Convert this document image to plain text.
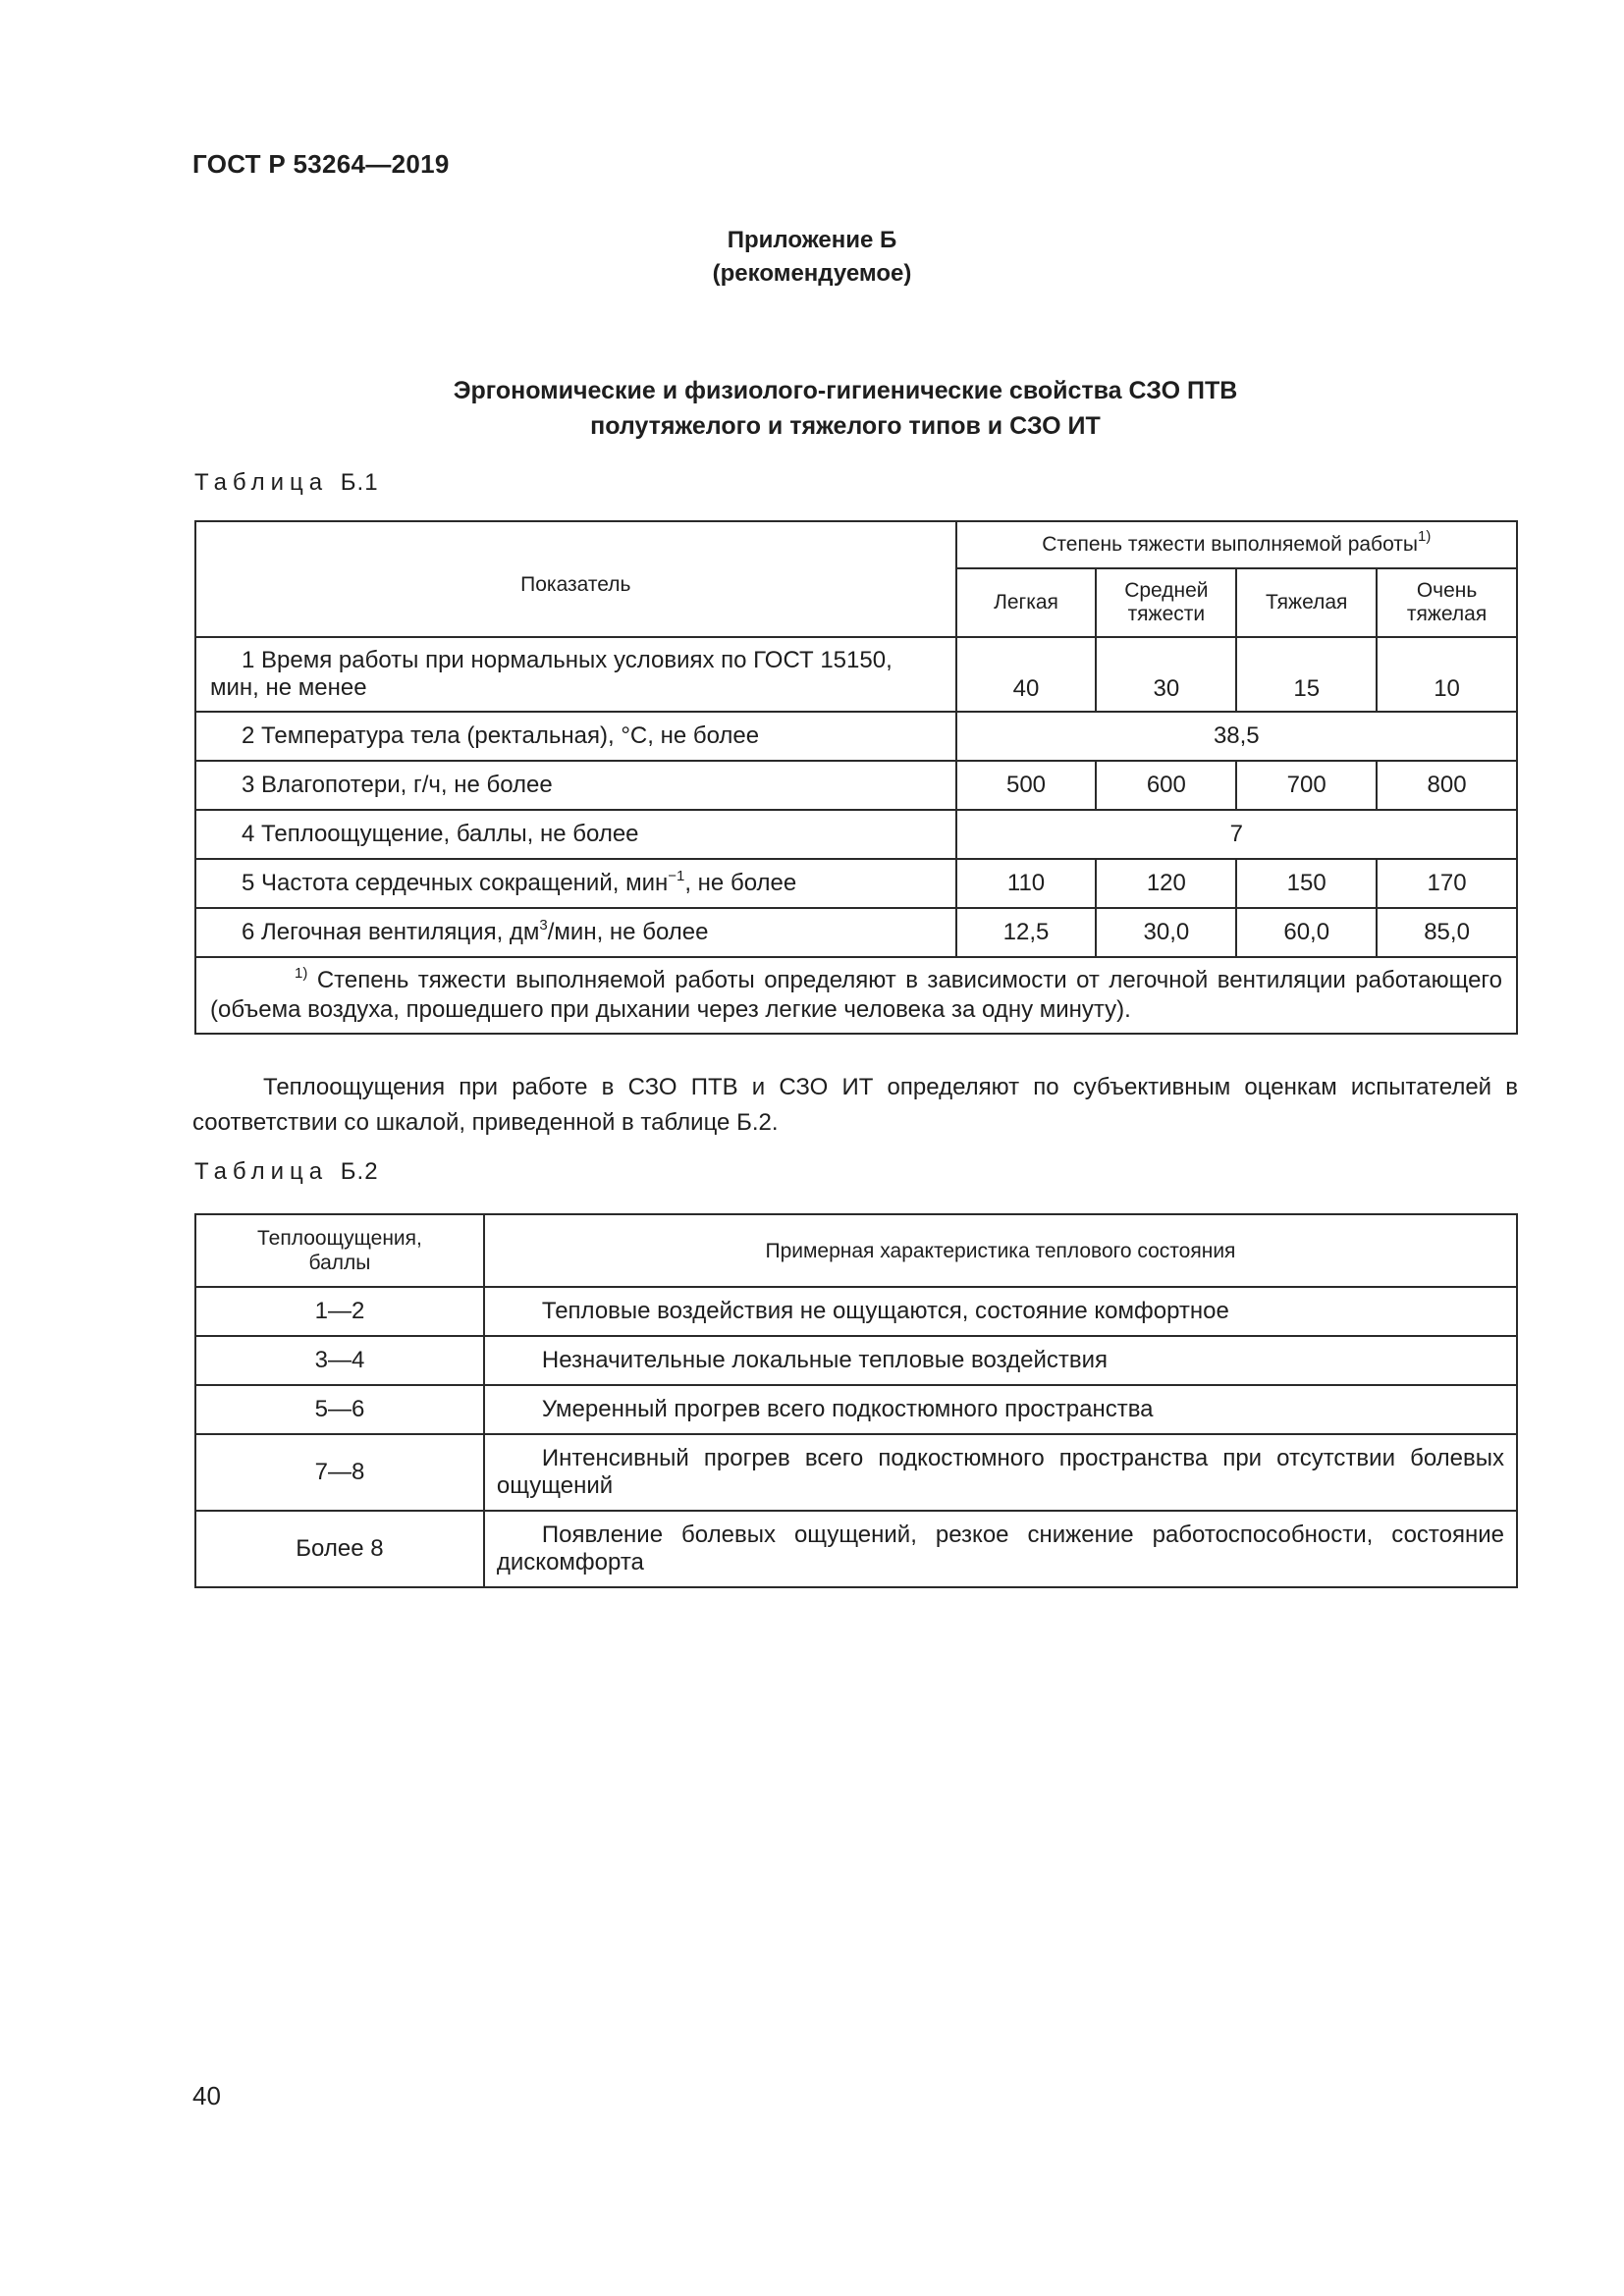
ГОСТ Р 53264—2019
Приложение Б
(рекомендуемое)
Эргономические и физиолого-гигиенические свойства СЗО ПТВ
полутяжелого и тяжелого типов и СЗО ИТ
Таблица Б.1
Показатель	Степень тяжести выполняемой работы$^{1)}$
	Легкая	Средней тяжести	Тяжелая	Очень тяжелая
1 Время работы при нормальных условиях по ГОСТ 15150, мин, не менее	40	30	15	10
2 Температура тела (ректальная), °С, не более	38,5			
3 Влагопотери, г/ч, не более	500	600	700	800
4 Теплоощущение, баллы, не более	7			
5 Частота сердечных сокращений, мин$^{-1}$, не более	110	120	150	170
6 Легочная вентиляция, $дм^3$/мин, не более	12,5	30,0	60,0	85,0
$^{1)}$ Степень тяжести выполняемой работы определяют в зависимости от легочной вентиляции работающего (объема воздуха, прошедшего при дыхании через легкие человека за одну минуту).				
Теплоощущения при работе в СЗО ПТВ и СЗО ИТ определяют по субъективным оценкам испытателей в соответствии со шкалой, приведенной в таблице Б.2.
Таблица Б.2
Теплоощущения, баллы	Примерная характеристика теплового состояния
1—2	Тепловые воздействия не ощущаются, состояние комфортное

3—4	Незначительные локальные тепловые воздействия

5—6	Умеренный прогрев всего подкостюмного пространства

7—8	Интенсивный прогрев всего подкостюмного пространства при отсутствии болевых ощущений

Более 8	Появление болевых ощущений, резкое снижение работоспособности, состояние дискомфорта
40
